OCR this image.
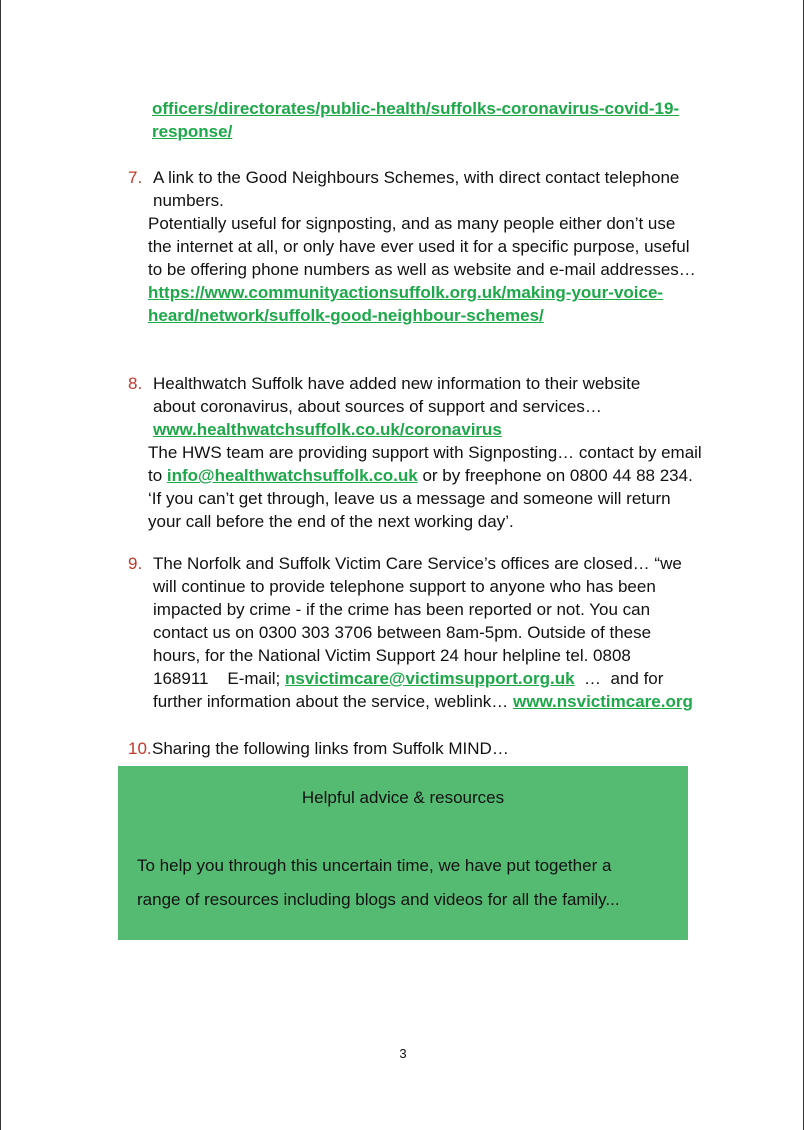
officers/directorates/public-health/suffolks-coronavirus-covid-19-
response/
7. A link to the Good Neighbours Schemes, with direct contact telephone
numbers.
Potentially useful for signposting, and as many people either don’t use
the internet at all, or only have ever used it for a specific purpose, useful
to be offering phone numbers as well as website and e-mail addresses…
https://www.communityactionsuffolk.org.uk/making-your-voice-
heard/network/suffolk-good-neighbour-schemes/
8. Healthwatch Suffolk have added new information to their website
about coronavirus, about sources of support and services…
www.healthwatchsuffolk.co.uk/coronavirus
The HWS team are providing support with Signposting… contact by email
to info@healthwatchsuffolk.co.uk or by freephone on 0800 44 88 234.
‘If you can’t get through, leave us a message and someone will return
your call before the end of the next working day’.
9. The Norfolk and Suffolk Victim Care Service’s offices are closed… “we
will continue to provide telephone support to anyone who has been
impacted by crime - if the crime has been reported or not. You can
contact us on 0300 303 3706 between 8am-5pm. Outside of these
hours, for the National Victim Support 24 hour helpline tel. 0808
168911    E-mail; nsvictimcare@victimsupport.org.uk  …  and for
further information about the service, weblink… www.nsvictimcare.org
10. Sharing the following links from Suffolk MIND…
Helpful advice & resources
To help you through this uncertain time, we have put together a
range of resources including blogs and videos for all the family...
3
